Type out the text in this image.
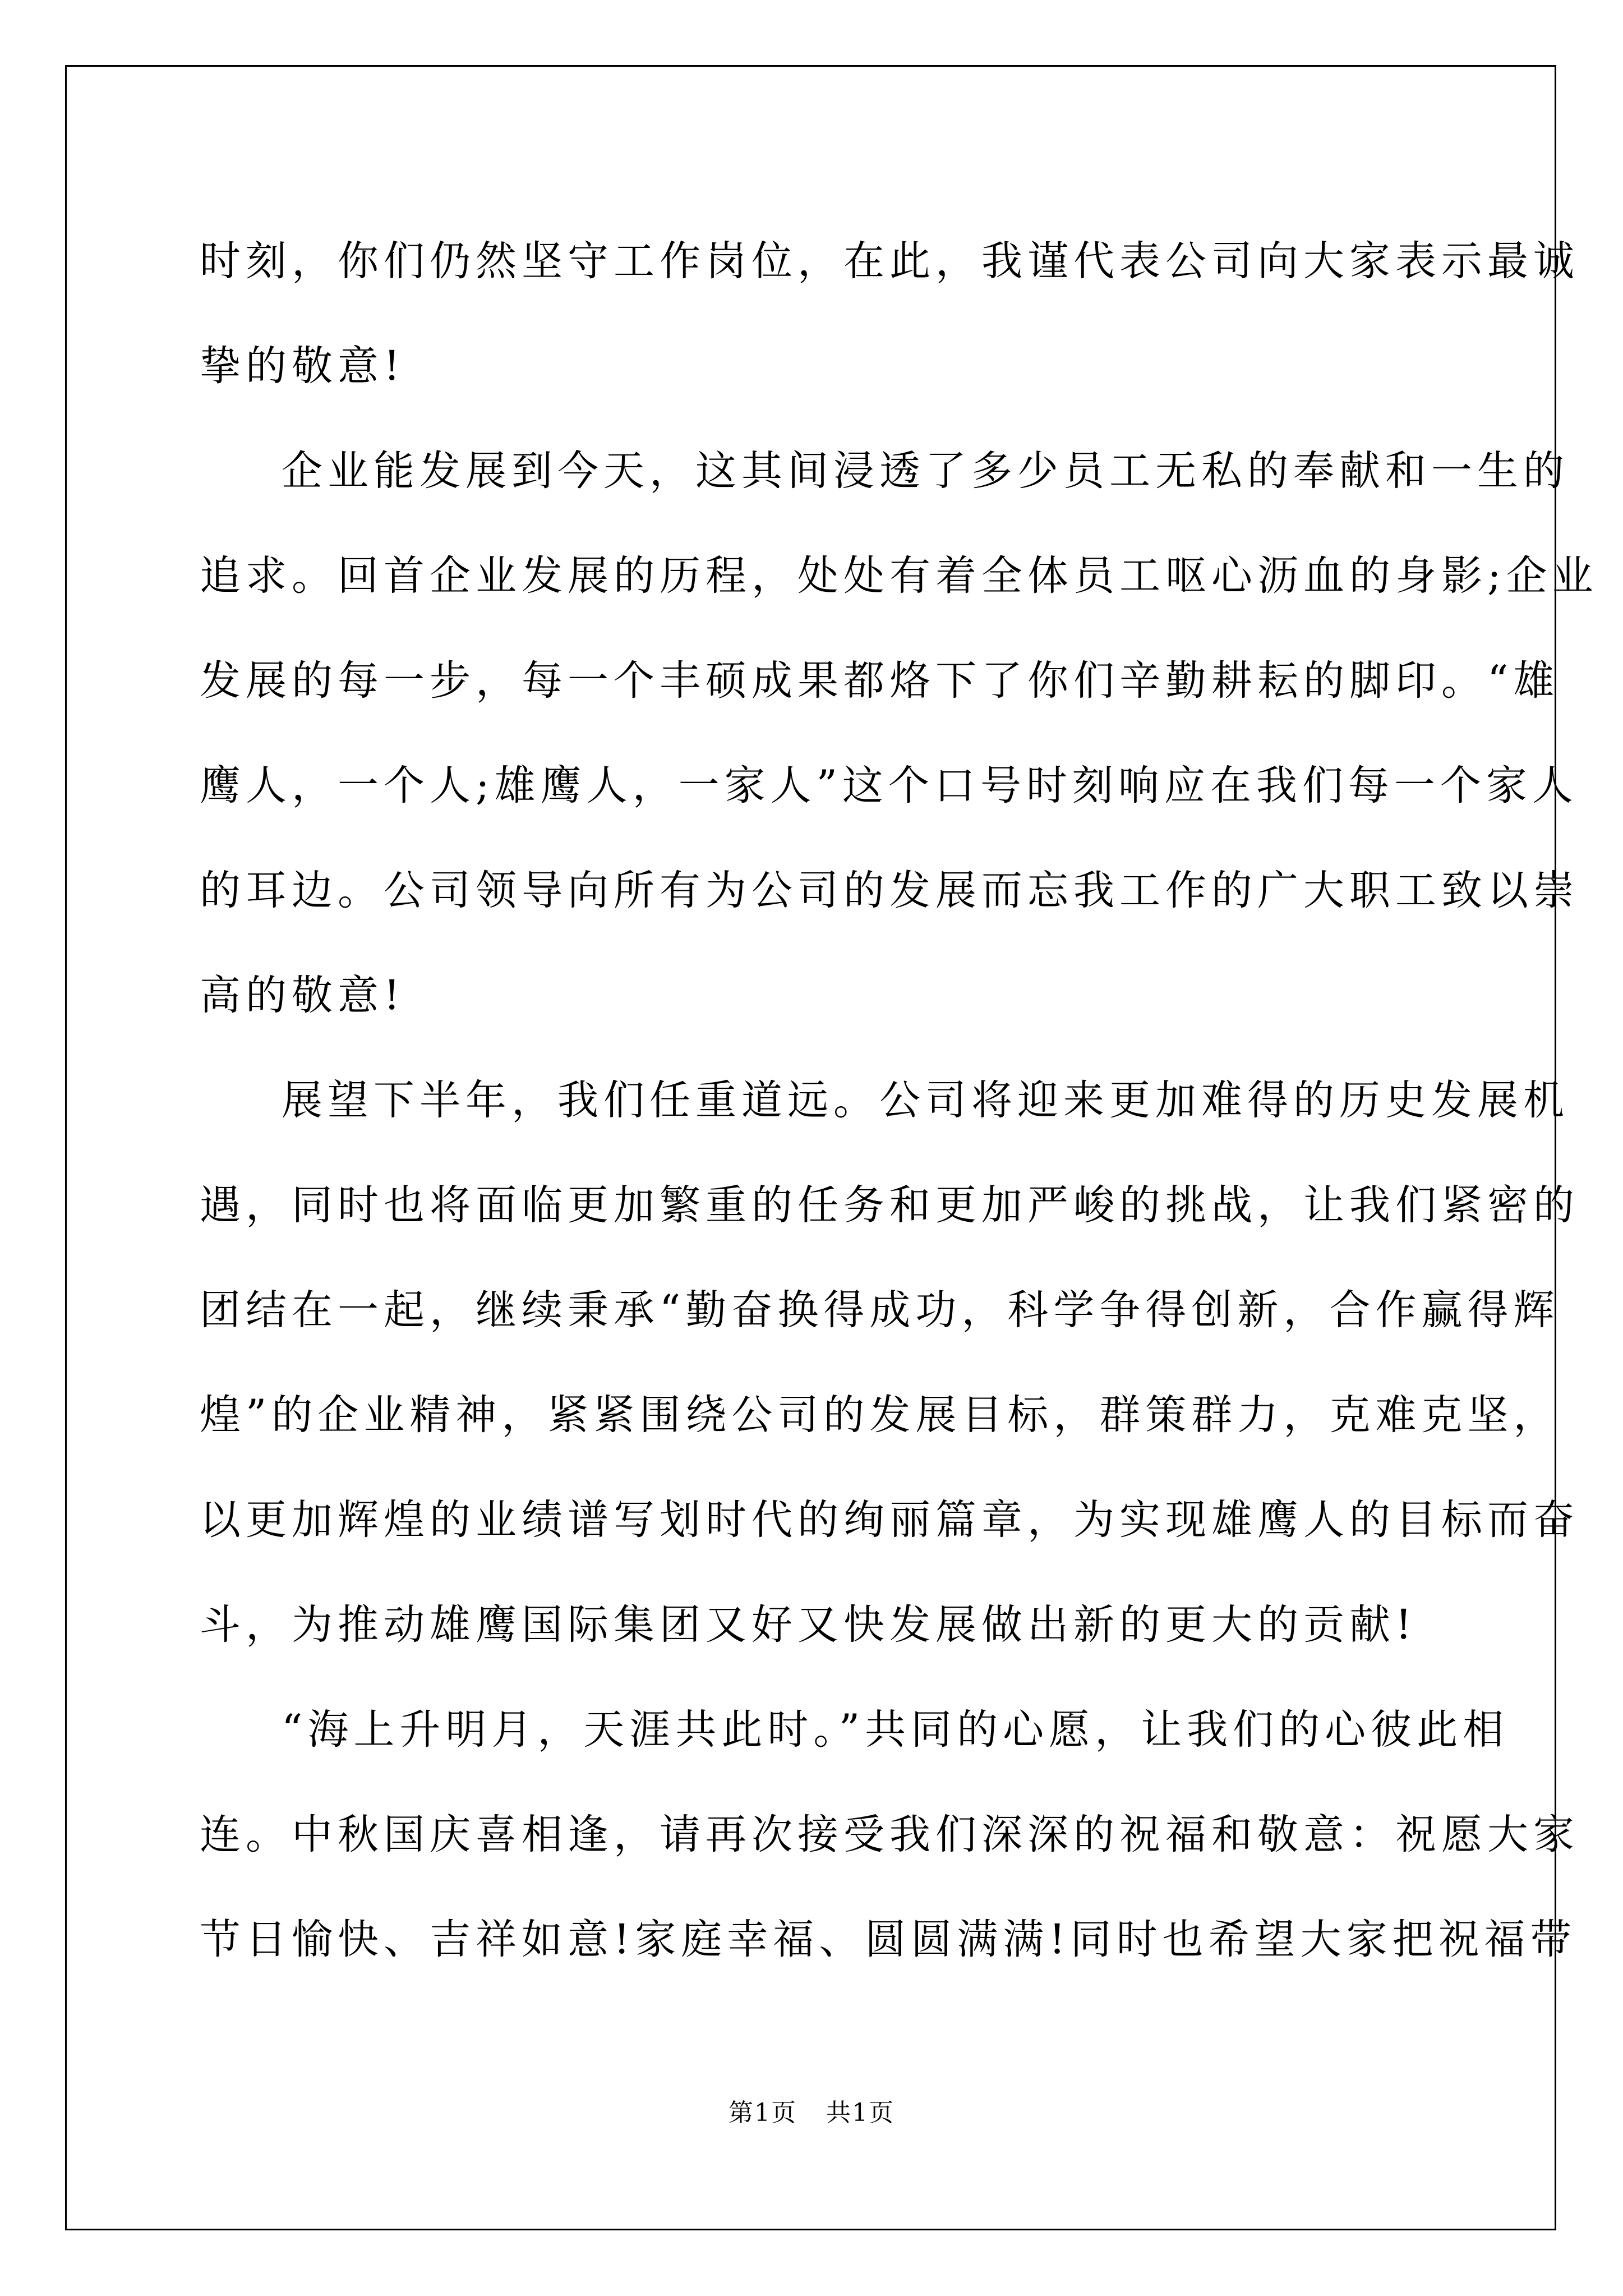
时刻，你们仍然坚守工作岗位，在此，我谨代表公司向大家表示最诚
挚的敬意!

企业能发展到今天，这其间浸透了多少员工无私的奉献和一生的
追求。回首企业发展的历程，处处有着全体员工呕心沥血的身影;企业
发展的每一步，每一个丰硕成果都烙下了你们辛勤耕耘的脚印。“雄
鹰人，一个人;雄鹰人，一家人”这个口号时刻响应在我们每一个家人
的耳边。公司领导向所有为公司的发展而忘我工作的广大职工致以崇
高的敬意!

展望下半年，我们任重道远。公司将迎来更加难得的历史发展机
遇，同时也将面临更加繁重的任务和更加严峻的挑战，让我们紧密的
团结在一起，继续秉承“勤奋换得成功，科学争得创新，合作赢得辉
煌”的企业精神，紧紧围绕公司的发展目标，群策群力，克难克坚，
以更加辉煌的业绩谱写划时代的绚丽篇章，为实现雄鹰人的目标而奋
斗，为推动雄鹰国际集团又好又快发展做出新的更大的贡献!

“海上升明月，天涯共此时。”共同的心愿，让我们的心彼此相
连。中秋国庆喜相逢，请再次接受我们深深的祝福和敬意：祝愿大家
节日愉快、吉祥如意!家庭幸福、圆圆满满!同时也希望大家把祝福带

第1页 共1页
